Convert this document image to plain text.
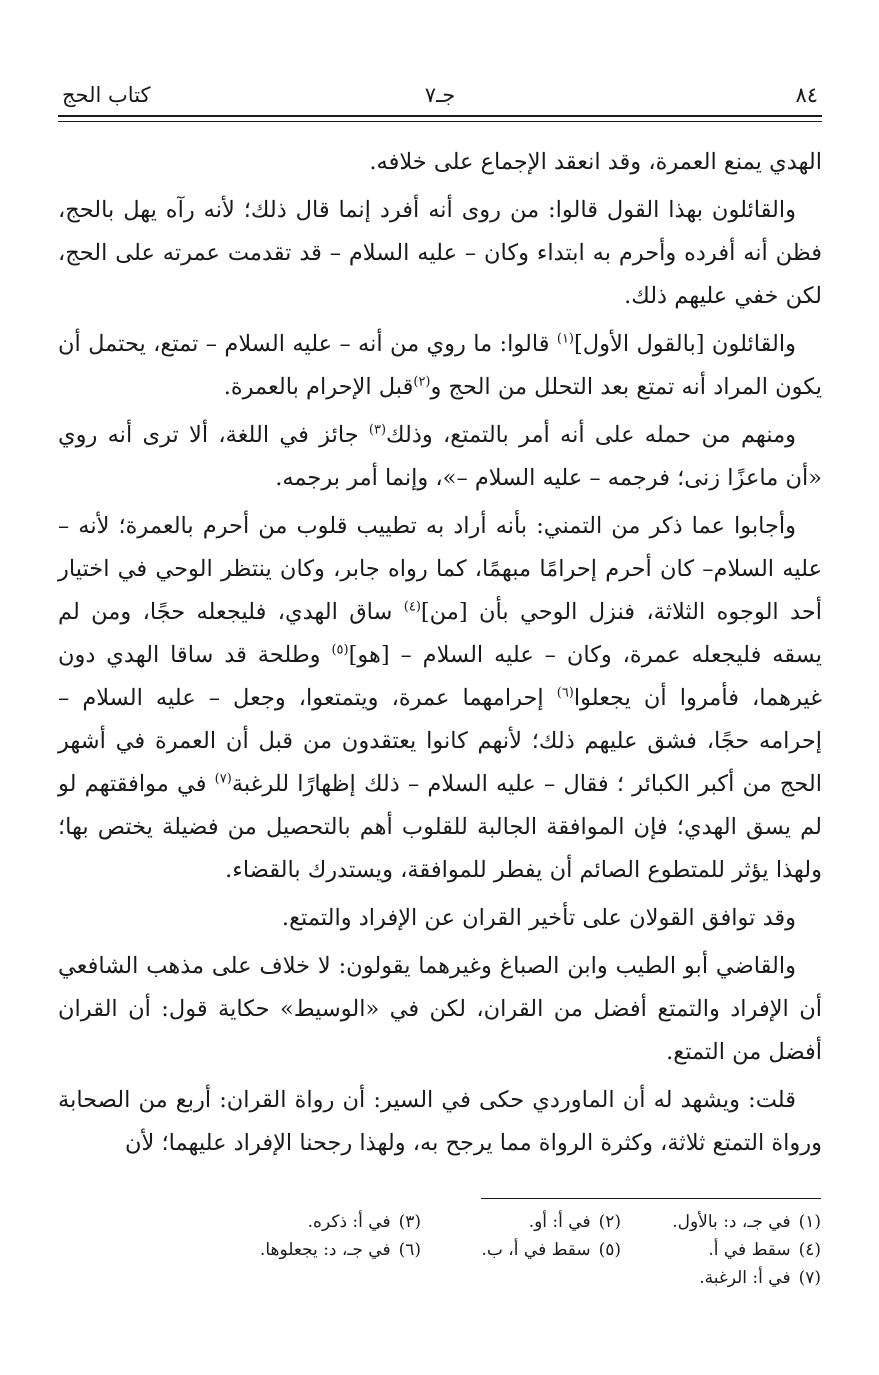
٨٤
جـ٧
كتاب الحج

الهدي يمنع العمرة، وقد انعقد الإجماع على خلافه.

والقائلون بهذا القول قالوا: من روى أنه أفرد إنما قال ذلك؛ لأنه رآه يهل بالحج، فظن أنه أفرده وأحرم به ابتداء وكان – عليه السلام – قد تقدمت عمرته على الحج، لكن خفي عليهم ذلك.

والقائلون [بالقول الأول]$^{(١)}$ قالوا: ما روي من أنه – عليه السلام – تمتع، يحتمل أن يكون المراد أنه تمتع بعد التحلل من الحج و$^{(٢)}$قبل الإحرام بالعمرة.

ومنهم من حمله على أنه أمر بالتمتع، وذلك$^{(٣)}$ جائز في اللغة، ألا ترى أنه روي «أن ماعزًا زنى؛ فرجمه – عليه السلام –»، وإنما أمر برجمه.

وأجابوا عما ذكر من التمني: بأنه أراد به تطييب قلوب من أحرم بالعمرة؛ لأنه –عليه السلام– كان أحرم إحرامًا مبهمًا، كما رواه جابر، وكان ينتظر الوحي في اختيار أحد الوجوه الثلاثة، فنزل الوحي بأن [من]$^{(٤)}$ ساق الهدي، فليجعله حجًا، ومن لم يسقه فليجعله عمرة، وكان – عليه السلام – [هو]$^{(٥)}$ وطلحة قد ساقا الهدي دون غيرهما، فأمروا أن يجعلوا$^{(٦)}$ إحرامهما عمرة، ويتمتعوا، وجعل – عليه السلام – إحرامه حجًا، فشق عليهم ذلك؛ لأنهم كانوا يعتقدون من قبل أن العمرة في أشهر الحج من أكبر الكبائر ؛ فقال – عليه السلام – ذلك إظهارًا للرغبة$^{(٧)}$ في موافقتهم لو لم يسق الهدي؛ فإن الموافقة الجالبة للقلوب أهم بالتحصيل من فضيلة يختص بها؛ ولهذا يؤثر للمتطوع الصائم أن يفطر للموافقة، ويستدرك بالقضاء.

وقد توافق القولان على تأخير القران عن الإفراد والتمتع.

والقاضي أبو الطيب وابن الصباغ وغيرهما يقولون: لا خلاف على مذهب الشافعي أن الإفراد والتمتع أفضل من القران، لكن في «الوسيط» حكاية قول: أن القران أفضل من التمتع.

قلت: ويشهد له أن الماوردي حكى في السير: أن رواة القران: أربع من الصحابة ورواة التمتع ثلاثة، وكثرة الرواة مما يرجح به، ولهذا رجحنا الإفراد عليهما؛ لأن

(١)في جـ، د: بالأول.
(٢)في أ: أو.
(٣)في أ: ذكره.
(٤)سقط في أ.
(٥)سقط في أ، ب.
(٦)في جـ، د: يجعلوها.
(٧)في أ: الرغبة.
